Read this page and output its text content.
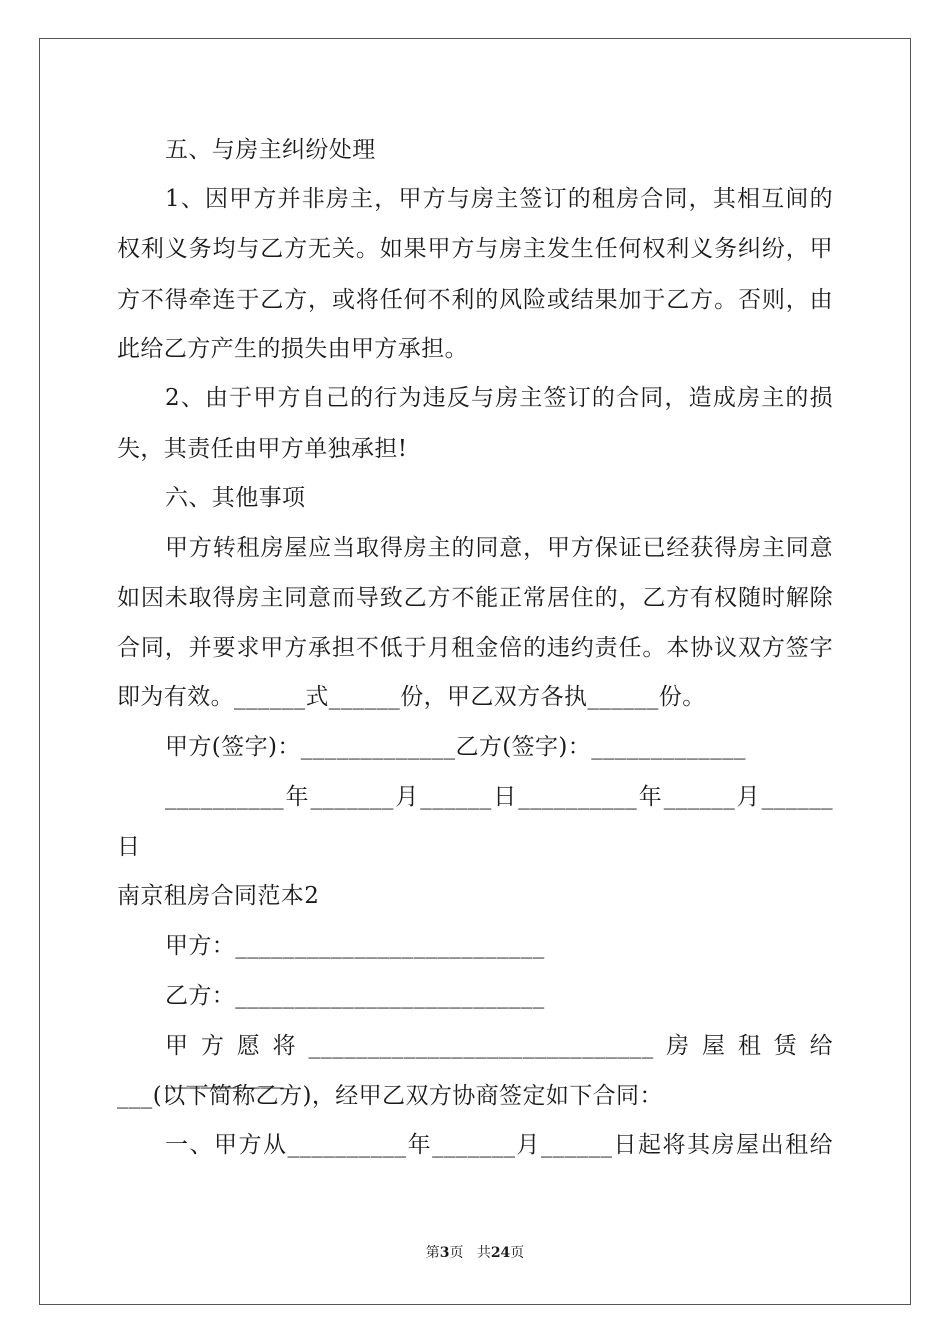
五、与房主纠纷处理
1、因甲方并非房主，甲方与房主签订的租房合同，其相互间的
权利义务均与乙方无关。如果甲方与房主发生任何权利义务纠纷，甲
方不得牵连于乙方，或将任何不利的风险或结果加于乙方。否则，由
此给乙方产生的损失由甲方承担。
2、由于甲方自己的行为违反与房主签订的合同，造成房主的损
失，其责任由甲方单独承担!
六、其他事项
甲方转租房屋应当取得房主的同意，甲方保证已经获得房主同意
如因未取得房主同意而导致乙方不能正常居住的，乙方有权随时解除
合同，并要求甲方承担不低于月租金倍的违约责任。本协议双方签字
即为有效。______式______份，甲乙双方各执______份。
甲方(签字)：_____________乙方(签字)：_____________
__________年_______月______日__________年______月______
日
南京租房合同范本2
甲方：__________________________
乙方：__________________________
甲方愿将_____________________________房屋租赁给__________
___(以下简称乙方)，经甲乙双方协商签定如下合同：
一、甲方从__________年_______月______日起将其房屋出租给
第3页 共24页
